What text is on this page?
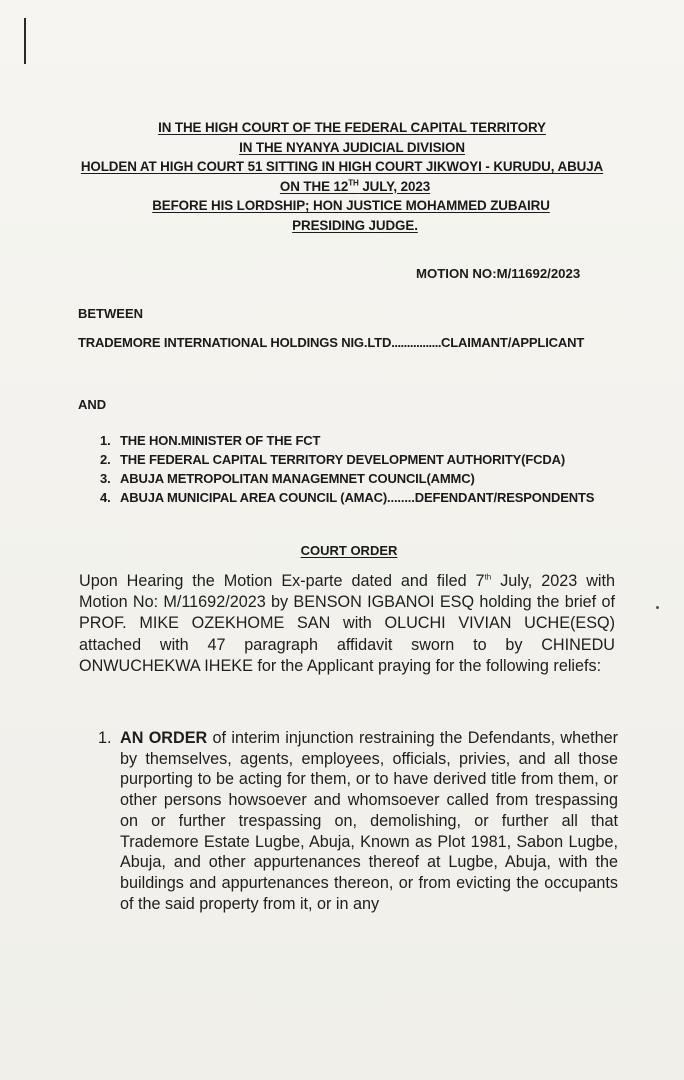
IN THE HIGH COURT OF THE FEDERAL CAPITAL TERRITORY
IN THE NYANYA JUDICIAL DIVISION
HOLDEN AT HIGH COURT 51 SITTING IN HIGH COURT JIKWOYI - KURUDU, ABUJA
ON THE 12TH JULY, 2023
BEFORE HIS LORDSHIP; HON JUSTICE MOHAMMED ZUBAIRU
PRESIDING JUDGE.
MOTION NO:M/11692/2023
BETWEEN
TRADEMORE INTERNATIONAL HOLDINGS NIG.LTD................CLAIMANT/APPLICANT
AND
1. THE HON.MINISTER OF THE FCT
2. THE FEDERAL CAPITAL TERRITORY DEVELOPMENT AUTHORITY(FCDA)
3. ABUJA METROPOLITAN MANAGEMNET COUNCIL(AMMC)
4. ABUJA MUNICIPAL AREA COUNCIL (AMAC)........DEFENDANT/RESPONDENTS
COURT ORDER
Upon Hearing the Motion Ex-parte dated and filed 7th July, 2023 with Motion No: M/11692/2023 by BENSON IGBANOI ESQ holding the brief of PROF. MIKE OZEKHOME SAN with OLUCHI VIVIAN UCHE(ESQ) attached with 47 paragraph affidavit sworn to by CHINEDU ONWUCHEKWA IHEKE for the Applicant praying for the following reliefs:
1. AN ORDER of interim injunction restraining the Defendants, whether by themselves, agents, employees, officials, privies, and all those purporting to be acting for them, or to have derived title from them, or other persons howsoever and whomsoever called from trespassing on or further trespassing on, demolishing, or further all that Trademore Estate Lugbe, Abuja, Known as Plot 1981, Sabon Lugbe, Abuja, and other appurtenances thereof at Lugbe, Abuja, with the buildings and appurtenances thereon, or from evicting the occupants of the said property from it, or in any
